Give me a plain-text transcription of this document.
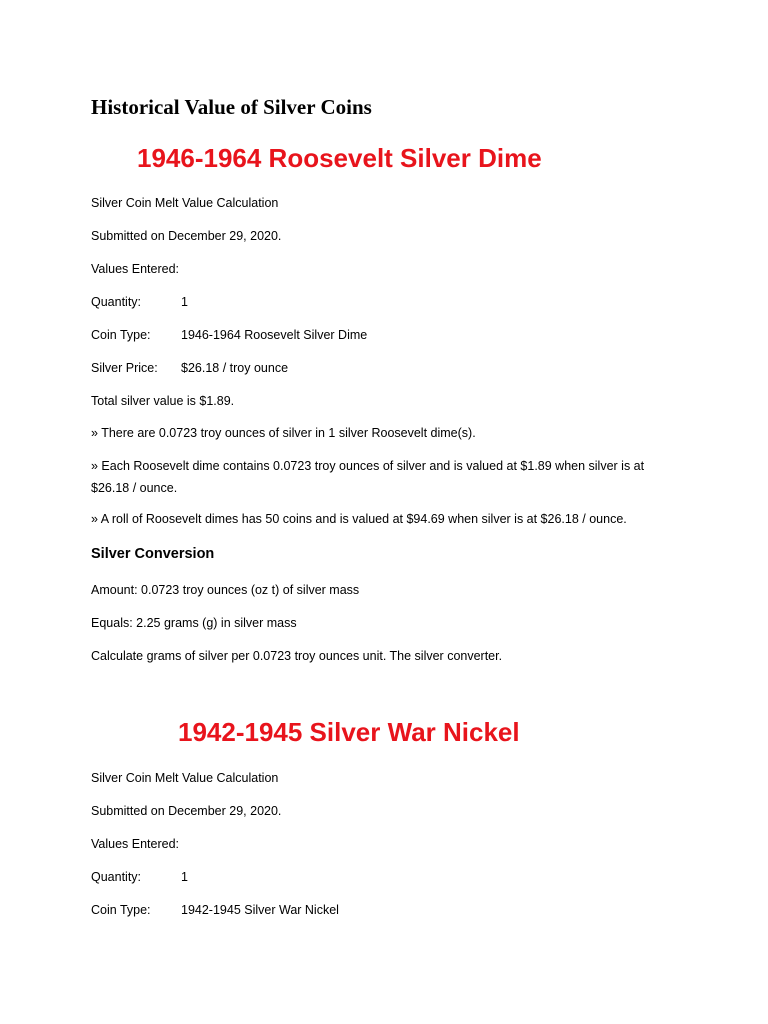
Historical Value of Silver Coins
1946-1964 Roosevelt Silver Dime

Silver Coin Melt Value Calculation

Submitted on December 29, 2020.

Values Entered:

Quantity:	1
Coin Type: 1946-1964 Roosevelt Silver Dime
Silver Price: $26.18 / troy ounce

Total silver value is $1.89.

» There are 0.0723 troy ounces of silver in 1 silver Roosevelt dime(s).

» Each Roosevelt dime contains 0.0723 troy ounces of silver and is valued at $1.89 when silver is at $26.18 / ounce.

» A roll of Roosevelt dimes has 50 coins and is valued at $94.69 when silver is at $26.18 / ounce.

Silver Conversion

Amount: 0.0723 troy ounces (oz t) of silver mass

Equals: 2.25 grams (g) in silver mass

Calculate grams of silver per 0.0723 troy ounces unit. The silver converter.

1942-1945 Silver War Nickel

Silver Coin Melt Value Calculation

Submitted on December 29, 2020.

Values Entered:

Quantity:	1
Coin Type: 1942-1945 Silver War Nickel
